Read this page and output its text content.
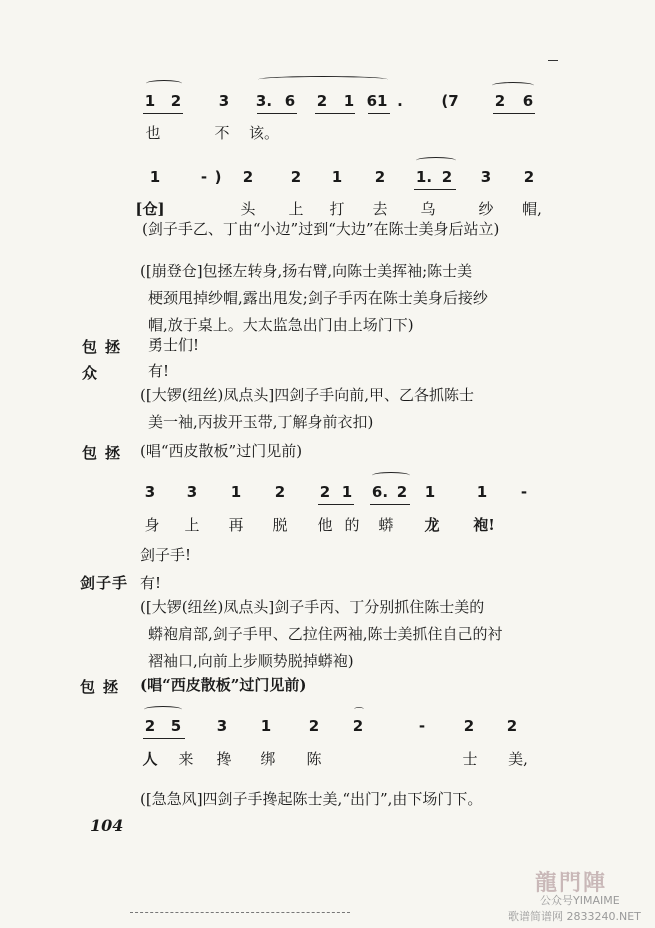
1 2	3 3. 6 2 1 61 .	(7 2 6
也	不 该。
1	- ) 2	2 1 2 1. 2 3 2
[仓]	头 上 打 去 乌	纱 帽,
(剑子手乙、丁由“小边”过到“大边”在陈士美身后站立)
([崩登仓]包拯左转身,扬右臂,向陈士美挥袖;陈士美
梗颈甩掉纱帽,露出甩发;剑子手丙在陈士美身后接纱
帽,放于桌上。大太监急出门由上场门下)
包拯 勇士们!
众	有!
([大锣(纽丝)凤点头]四剑子手向前,甲、乙各抓陈士
美一袖,丙拔开玉带,丁解身前衣扣)
包拯 (唱“西皮散板”过门见前)
3 3 1 2 2 1 6. 2 1	1 -
身 上 再 脱 他 的 蟒 龙 袍!
剑子手!
剑子手 有!
([大锣(纽丝)凤点头]剑子手丙、丁分别抓住陈士美的
蟒袍肩部,剑子手甲、乙拉住两袖,陈士美抓住自己的衬
褶袖口,向前上步顺势脱掉蟒袍)
包拯 (唱“西皮散板”过门见前)
2 5 3 1	2 2	-	2 2
⌒
人 来 搀 绑 陈	士 美,
([急急风]四剑子手搀起陈士美,“出门”,由下场门下。
104
龍門陣
公众号YIMAIME
歌谱简谱网 2833240.NET
